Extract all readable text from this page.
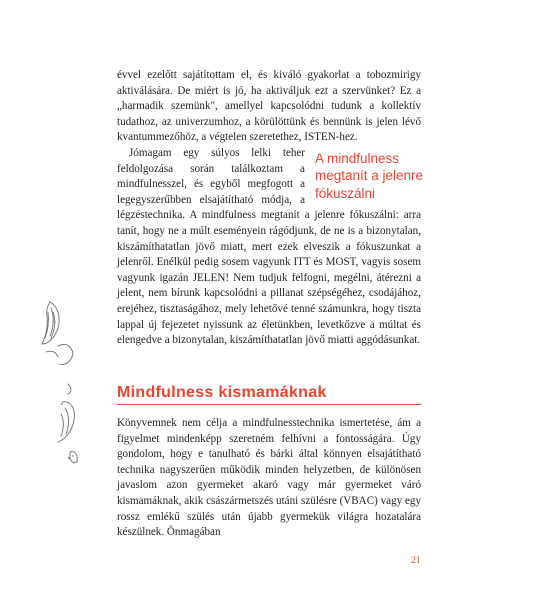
évvel ezelőtt sajátítottam el, és kiváló gyakorlat a tobozmirigy aktiválására. De miért is jó, ha aktiváljuk ezt a szervünket? Ez a „harmadik szemünk", amellyel kapcsolódni tudunk a kollektív tudathoz, az univerzumhoz, a körülöttünk és bennünk is jelen lévő kvantummezőhöz, a végtelen szeretethez, ISTEN-hez.

A mindfulness megtanít a jelenre fókuszálni
Jómagam egy súlyos lelki teher feldolgozása során találkoztam a mindfulnesszel, és egyből megfogott a legegyszerűbben elsajátítható módja, a légzéstechnika. A mindfulness megtanít a jelenre fókuszálni: arra tanít, hogy ne a múlt eseményein rágódjunk, de ne is a bizonytalan, kiszámíthatatlan jövő miatt, mert ezek elveszik a fókuszunkat a jelenről. Enélkül pedig sosem vagyunk ITT és MOST, vagyis sosem vagyunk igazán JELEN! Nem tudjuk felfogni, megélni, átérezni a jelent, nem bírunk kapcsolódni a pillanat szépségéhez, csodájához, erejéhez, tisztaságához, mely lehetővé tenné számunkra, hogy tiszta lappal új fejezetet nyissunk az életünkben, levetkőzve a múltat és elengedve a bizonytalan, kiszámíthatatlan jövő miatti aggódásunkat.

Mindfulness kismamáknak

Könyvemnek nem célja a mindfulnesstechnika ismertetése, ám a figyelmet mindenképp szeretném felhívni a fontosságára. Úgy gondolom, hogy e tanulható és bárki által könnyen elsajátítható technika nagyszerűen működik minden helyzetben, de különösen javaslom azon gyermeket akaró vagy már gyermeket váró kismamáknak, akik császármetszés utáni szülésre (VBAC) vagy egy rossz emlékű szülés után újabb gyermekük világra hozatalára készülnek. Önmagában

21
